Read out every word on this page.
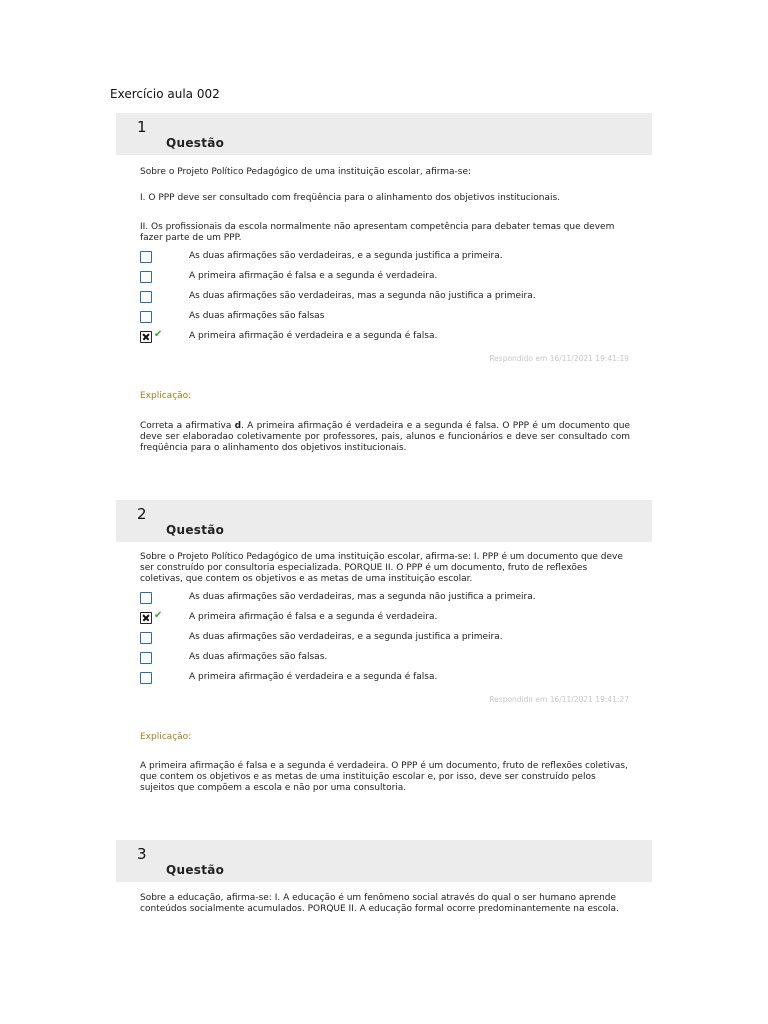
Exercício aula 002
1
Questão
Sobre o Projeto Político Pedagógico de uma instituição escolar, afirma-se:
I. O PPP deve ser consultado com freqüência para o alinhamento dos objetivos institucionais.
II. Os profissionais da escola normalmente não apresentam competência para debater temas que devem fazer parte de um PPP.
As duas afirmações são verdadeiras, e a segunda justifica a primeira.
A primeira afirmação é falsa e a segunda é verdadeira.
As duas afirmações são verdadeiras, mas a segunda não justifica a primeira.
As duas afirmações são falsas
✔	A primeira afirmação é verdadeira e a segunda é falsa.
Respondido em 16/11/2021 19:41:19
Explicação:
Correta a afirmativa d. A primeira afirmação é verdadeira e a segunda é falsa. O PPP é um documento que deve ser elaboradao coletivamente por professores, pais, alunos e funcionários e deve ser consultado com freqüência para o alinhamento dos objetivos institucionais.
2
Questão
Sobre o Projeto Político Pedagógico de uma instituição escolar, afirma-se: I. PPP é um documento que deve ser construído por consultoria especializada. PORQUE II. O PPP é um documento, fruto de reflexões coletivas, que contem os objetivos e as metas de uma instituição escolar.
As duas afirmações são verdadeiras, mas a segunda não justifica a primeira.
✔	A primeira afirmação é falsa e a segunda é verdadeira.
As duas afirmações são verdadeiras, e a segunda justifica a primeira.
As duas afirmações são falsas.
A primeira afirmação é verdadeira e a segunda é falsa.
Respondido em 16/11/2021 19:41:27
Explicação:
A primeira afirmação é falsa e a segunda é verdadeira. O PPP é um documento, fruto de reflexões coletivas, que contem os objetivos e as metas de uma instituição escolar e, por isso, deve ser construído pelos sujeitos que compõem a escola e não por uma consultoria.
3
Questão
Sobre a educação, afirma-se: I. A educação é um fenômeno social através do qual o ser humano aprende conteúdos socialmente acumulados. PORQUE II. A educação formal ocorre predominantemente na escola.
